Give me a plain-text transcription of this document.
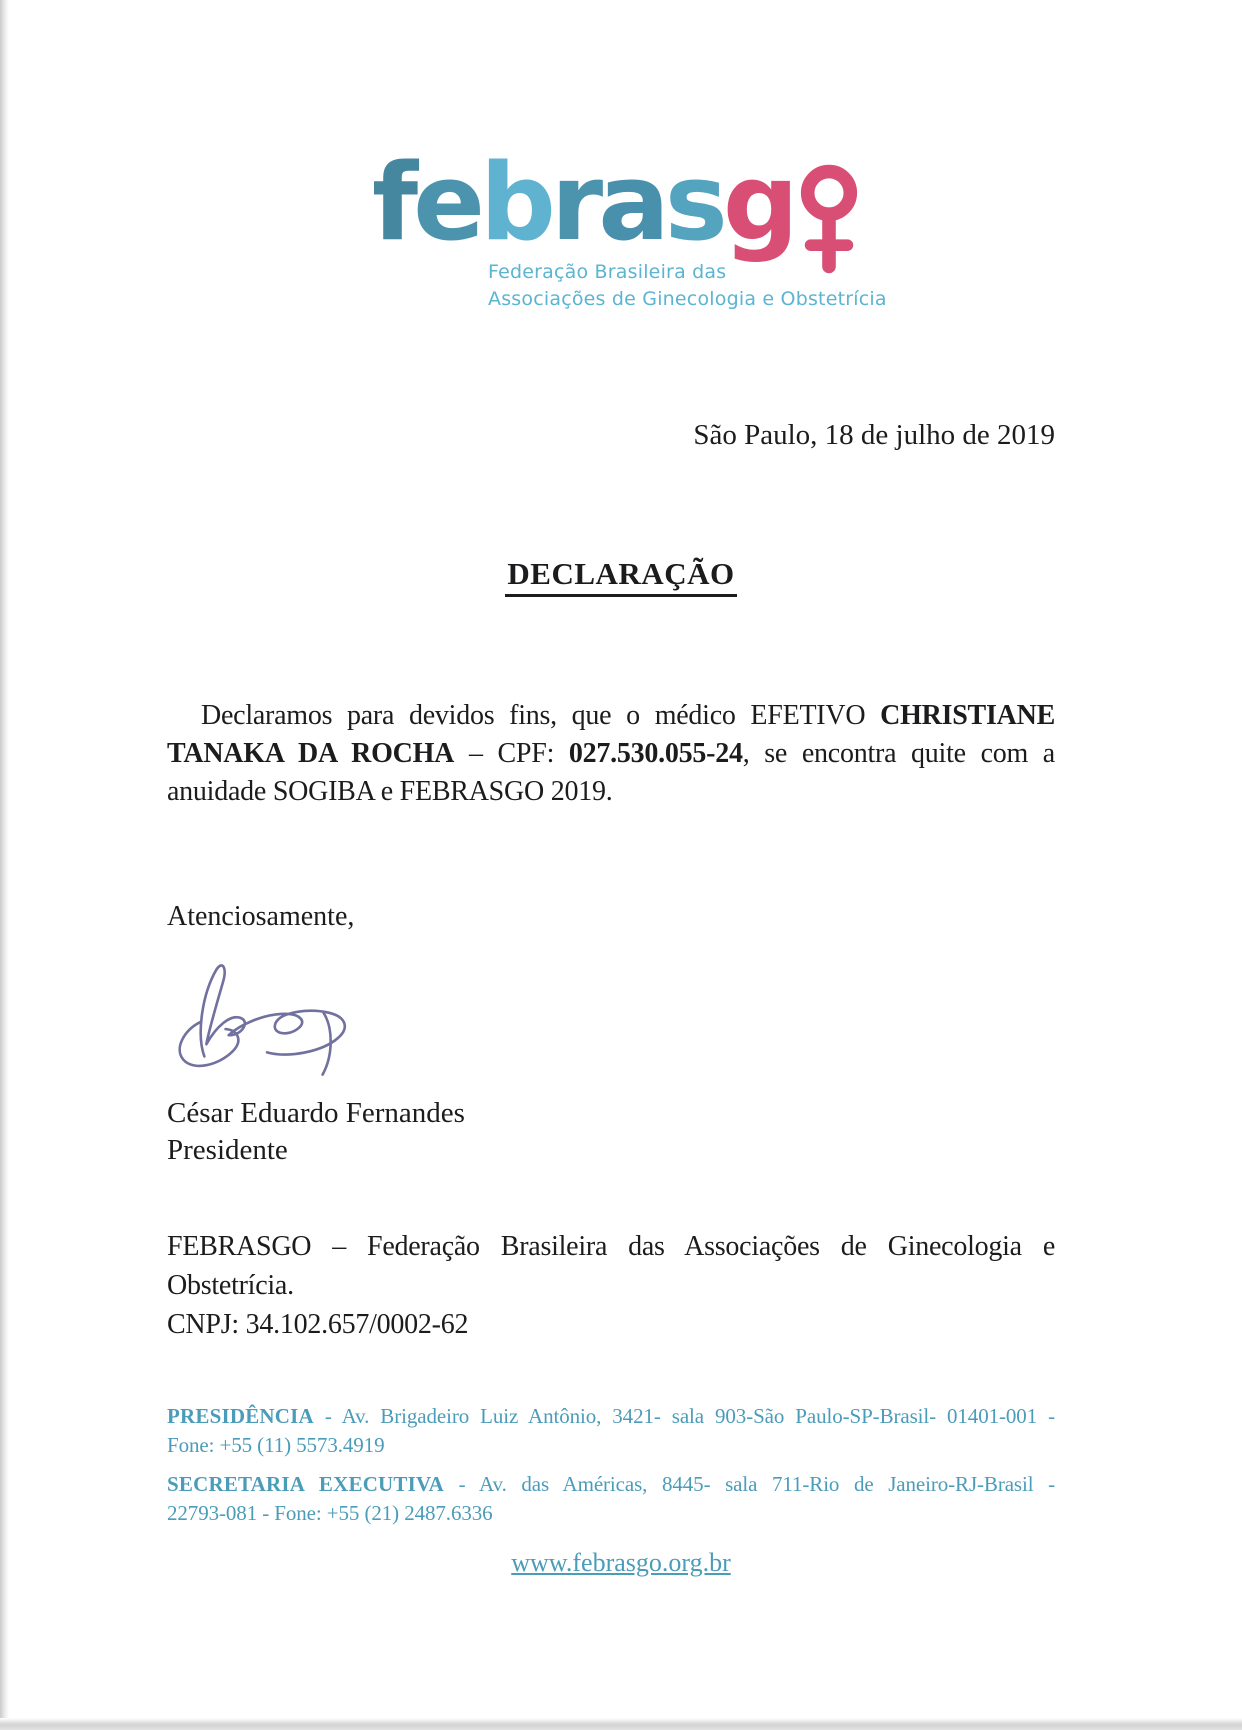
febrasg
Federação Brasileira das
Associações de Ginecologia e Obstetrícia
São Paulo, 18 de julho de 2019
DECLARAÇÃO
Declaramos para devidos fins, que o médico EFETIVO CHRISTIANE
TANAKA DA ROCHA – CPF: 027.530.055-24, se encontra quite com a
anuidade SOGIBA e FEBRASGO 2019.
Atenciosamente,
César Eduardo Fernandes
Presidente
FEBRASGO – Federação Brasileira das Associações de Ginecologia e
Obstetrícia.
CNPJ: 34.102.657/0002-62
PRESIDÊNCIA - Av. Brigadeiro Luiz Antônio, 3421- sala 903-São Paulo-SP-Brasil- 01401-001 -
Fone: +55 (11) 5573.4919
SECRETARIA EXECUTIVA - Av. das Américas, 8445- sala 711-Rio de Janeiro-RJ-Brasil -
22793-081 - Fone: +55 (21) 2487.6336
www.febrasgo.org.br
